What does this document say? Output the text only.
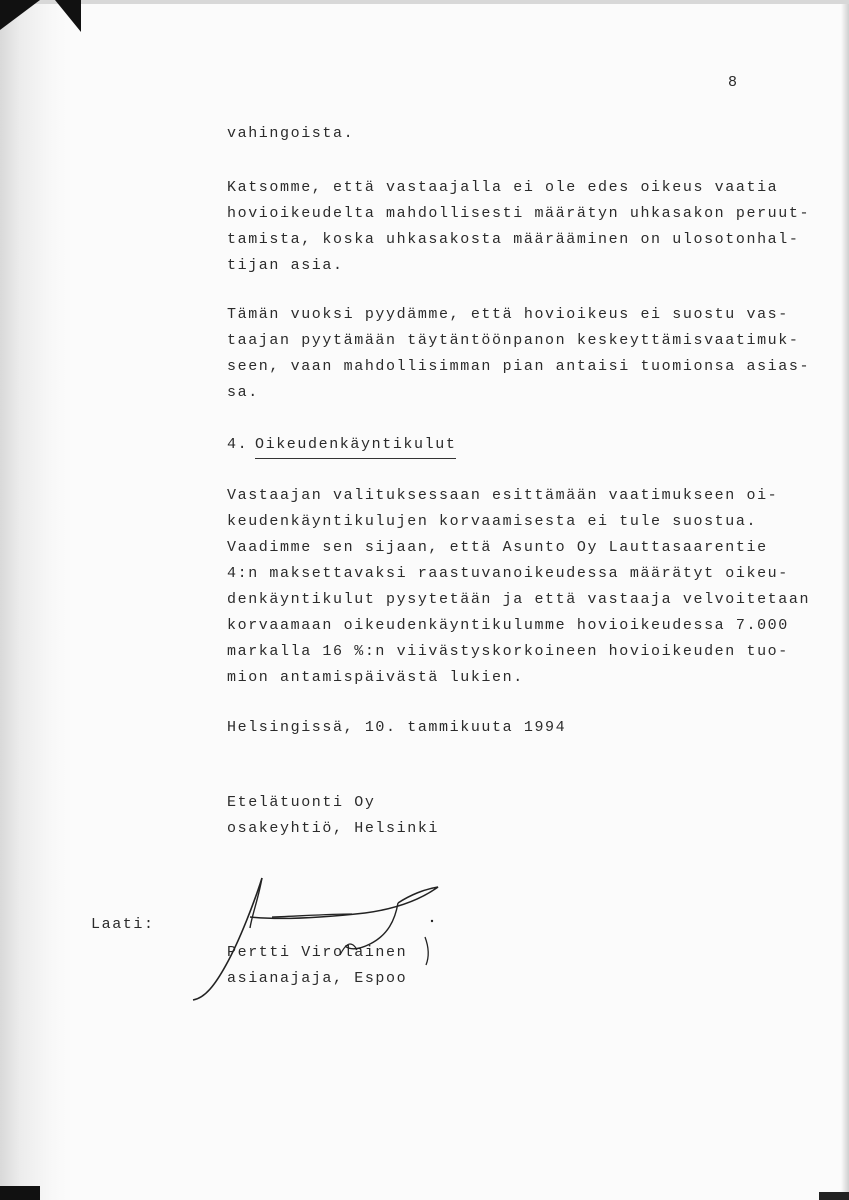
8

vahingoista.

Katsomme, että vastaajalla ei ole edes oikeus vaatia
hovioikeudelta mahdollisesti määrätyn uhkasakon peruut-
tamista, koska uhkasakosta määrääminen on ulosotonhal-
tijan asia.

Tämän vuoksi pyydämme, että hovioikeus ei suostu vas-
taajan pyytämään täytäntöönpanon keskeyttämisvaatimuk-
seen, vaan mahdollisimman pian antaisi tuomionsa asias-
sa.

4. Oikeudenkäyntikulut

Vastaajan valituksessaan esittämään vaatimukseen oi-
keudenkäyntikulujen korvaamisesta ei tule suostua.
Vaadimme sen sijaan, että Asunto Oy Lauttasaarentie
4:n maksettavaksi raastuvanoikeudessa määrätyt oikeu-
denkäyntikulut pysytetään ja että vastaaja velvoitetaan
korvaamaan oikeudenkäyntikulumme hovioikeudessa 7.000
markalla 16 %:n viivästyskorkoineen hovioikeuden tuo-
mion antamispäivästä lukien.

Helsingissä, 10. tammikuuta 1994

Etelätuonti Oy

osakeyhtiö, Helsinki

Laati:

Pertti Virolainen

asianajaja, Espoo
